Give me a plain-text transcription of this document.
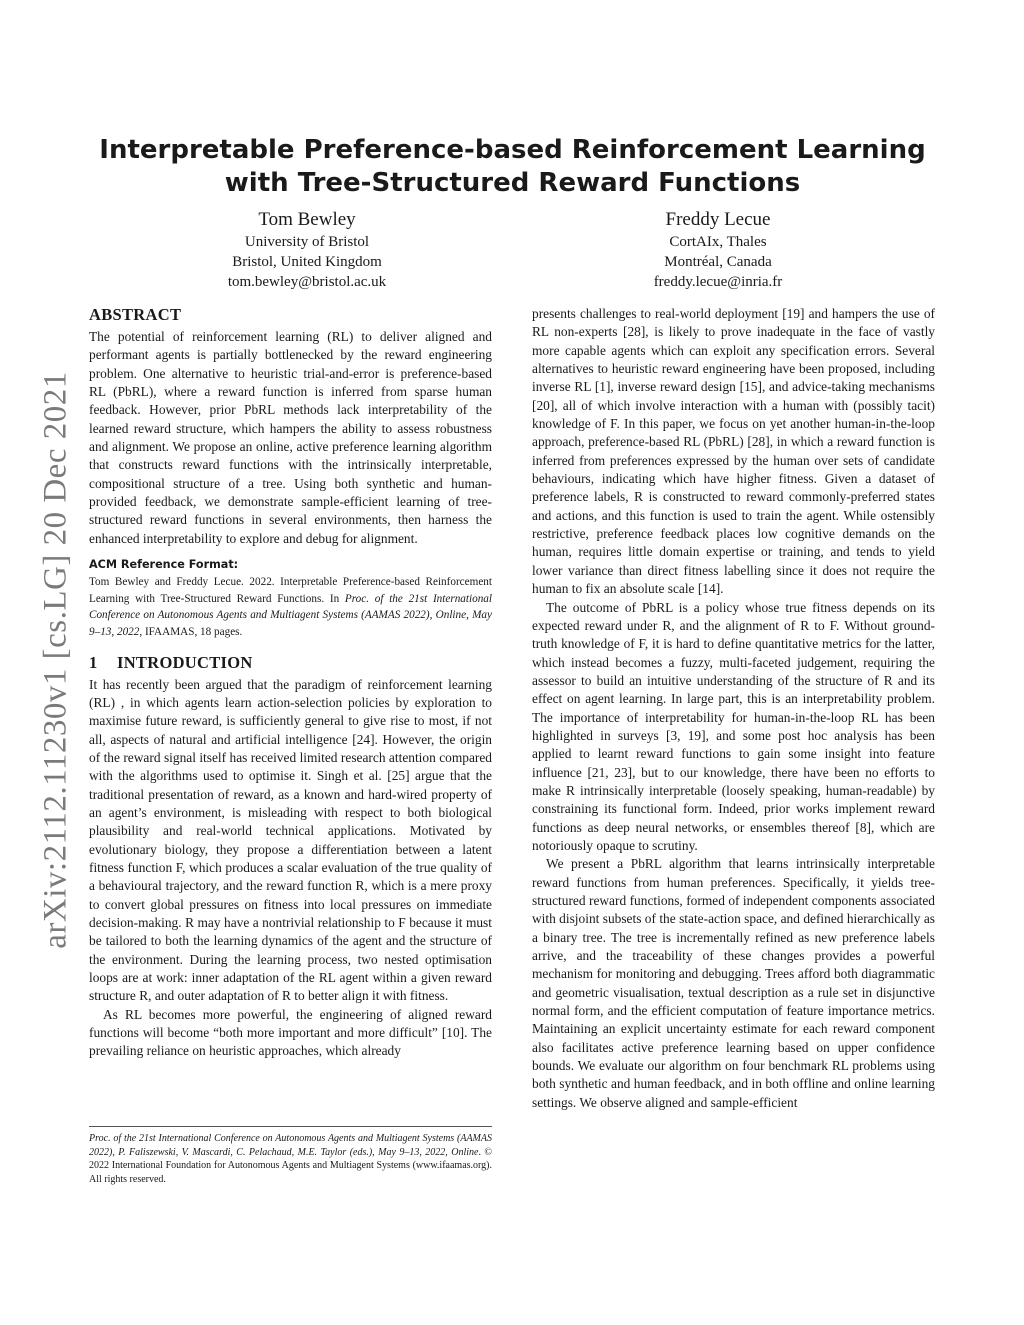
arXiv:2112.11230v1 [cs.LG] 20 Dec 2021
Interpretable Preference-based Reinforcement Learning
with Tree-Structured Reward Functions
Tom Bewley
University of Bristol
Bristol, United Kingdom
tom.bewley@bristol.ac.uk
Freddy Lecue
CortAIx, Thales
Montréal, Canada
freddy.lecue@inria.fr
ABSTRACT

The potential of reinforcement learning (RL) to deliver aligned and performant agents is partially bottlenecked by the reward engineering problem. One alternative to heuristic trial-and-error is preference-based RL (PbRL), where a reward function is inferred from sparse human feedback. However, prior PbRL methods lack interpretability of the learned reward structure, which hampers the ability to assess robustness and alignment. We propose an online, active preference learning algorithm that constructs reward functions with the intrinsically interpretable, compositional structure of a tree. Using both synthetic and human-provided feedback, we demonstrate sample-efficient learning of tree-structured reward functions in several environments, then harness the enhanced interpretability to explore and debug for alignment.

ACM Reference Format:

Tom Bewley and Freddy Lecue. 2022. Interpretable Preference-based Reinforcement Learning with Tree-Structured Reward Functions. In Proc. of the 21st International Conference on Autonomous Agents and Multiagent Systems (AAMAS 2022), Online, May 9–13, 2022, IFAAMAS, 18 pages.

1 INTRODUCTION

It has recently been argued that the paradigm of reinforcement learning (RL) , in which agents learn action-selection policies by exploration to maximise future reward, is sufficiently general to give rise to most, if not all, aspects of natural and artificial intelligence [24]. However, the origin of the reward signal itself has received limited research attention compared with the algorithms used to optimise it. Singh et al. [25] argue that the traditional presentation of reward, as a known and hard-wired property of an agent’s environment, is misleading with respect to both biological plausibility and real-world technical applications. Motivated by evolutionary biology, they propose a differentiation between a latent fitness function F, which produces a scalar evaluation of the true quality of a behavioural trajectory, and the reward function R, which is a mere proxy to convert global pressures on fitness into local pressures on immediate decision-making. R may have a nontrivial relationship to F because it must be tailored to both the learning dynamics of the agent and the structure of the environment. During the learning process, two nested optimisation loops are at work: inner adaptation of the RL agent within a given reward structure R, and outer adaptation of R to better align it with fitness.

As RL becomes more powerful, the engineering of aligned reward functions will become “both more important and more difficult” [10]. The prevailing reliance on heuristic approaches, which already

presents challenges to real-world deployment [19] and hampers the use of RL non-experts [28], is likely to prove inadequate in the face of vastly more capable agents which can exploit any specification errors. Several alternatives to heuristic reward engineering have been proposed, including inverse RL [1], inverse reward design [15], and advice-taking mechanisms [20], all of which involve interaction with a human with (possibly tacit) knowledge of F. In this paper, we focus on yet another human-in-the-loop approach, preference-based RL (PbRL) [28], in which a reward function is inferred from preferences expressed by the human over sets of candidate behaviours, indicating which have higher fitness. Given a dataset of preference labels, R is constructed to reward commonly-preferred states and actions, and this function is used to train the agent. While ostensibly restrictive, preference feedback places low cognitive demands on the human, requires little domain expertise or training, and tends to yield lower variance than direct fitness labelling since it does not require the human to fix an absolute scale [14].

The outcome of PbRL is a policy whose true fitness depends on its expected reward under R, and the alignment of R to F. Without ground-truth knowledge of F, it is hard to define quantitative metrics for the latter, which instead becomes a fuzzy, multi-faceted judgement, requiring the assessor to build an intuitive understanding of the structure of R and its effect on agent learning. In large part, this is an interpretability problem. The importance of interpretability for human-in-the-loop RL has been highlighted in surveys [3, 19], and some post hoc analysis has been applied to learnt reward functions to gain some insight into feature influence [21, 23], but to our knowledge, there have been no efforts to make R intrinsically interpretable (loosely speaking, human-readable) by constraining its functional form. Indeed, prior works implement reward functions as deep neural networks, or ensembles thereof [8], which are notoriously opaque to scrutiny.

We present a PbRL algorithm that learns intrinsically interpretable reward functions from human preferences. Specifically, it yields tree-structured reward functions, formed of independent components associated with disjoint subsets of the state-action space, and defined hierarchically as a binary tree. The tree is incrementally refined as new preference labels arrive, and the traceability of these changes provides a powerful mechanism for monitoring and debugging. Trees afford both diagrammatic and geometric visualisation, textual description as a rule set in disjunctive normal form, and the efficient computation of feature importance metrics. Maintaining an explicit uncertainty estimate for each reward component also facilitates active preference learning based on upper confidence bounds. We evaluate our algorithm on four benchmark RL problems using both synthetic and human feedback, and in both offline and online learning settings. We observe aligned and sample-efficient

Proc. of the 21st International Conference on Autonomous Agents and Multiagent Systems (AAMAS 2022), P. Faliszewski, V. Mascardi, C. Pelachaud, M.E. Taylor (eds.), May 9–13, 2022, Online. © 2022 International Foundation for Autonomous Agents and Multiagent Systems (www.ifaamas.org). All rights reserved.
